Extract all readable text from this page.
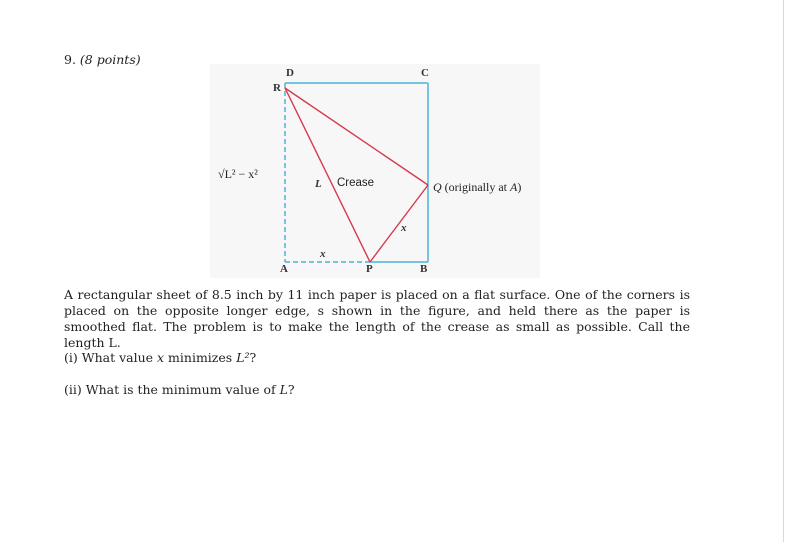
9. (8 points)
D	C
R
A	P	B
L
x
x
Crease	Q (originally at A)
√L² − x²
A rectangular sheet of 8.5 inch by 11 inch paper is placed on a flat surface. One of the corners is placed on the opposite longer edge, s shown in the figure, and held there as the paper is smoothed flat. The problem is to make the length of the crease as small as possible. Call the length L.
(i) What value x minimizes L²?
(ii) What is the minimum value of L?
